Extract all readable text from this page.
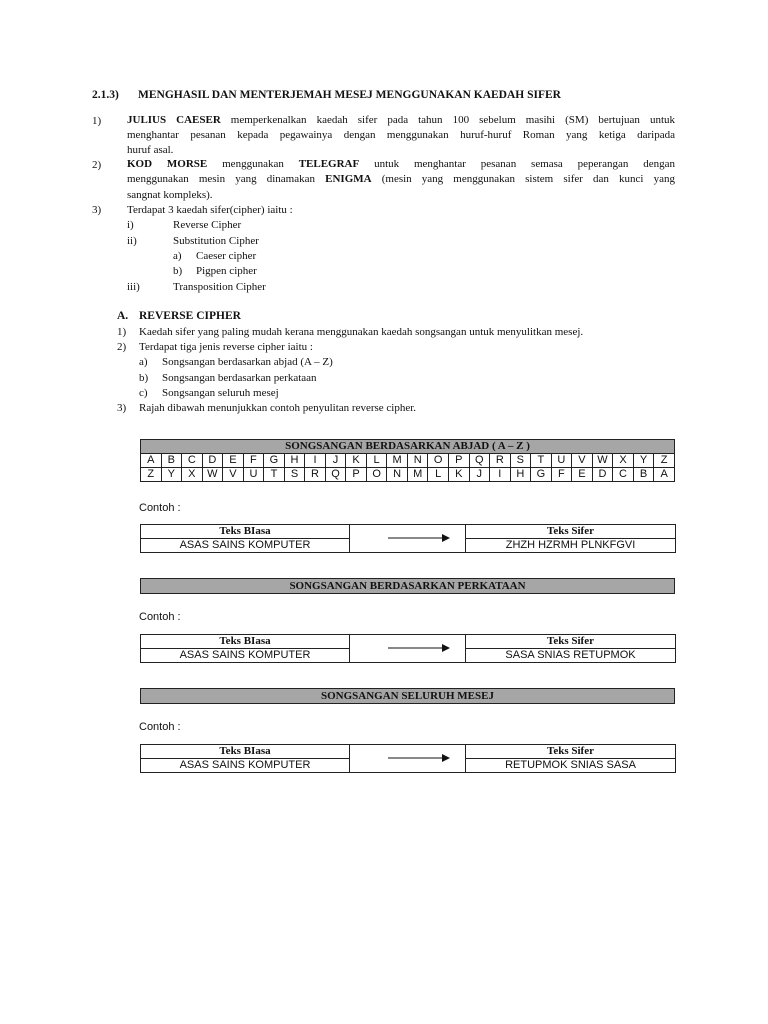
2.1.3) MENGHASIL DAN MENTERJEMAH MESEJ MENGGUNAKAN KAEDAH SIFER
1) JULIUS CAESER memperkenalkan kaedah sifer pada tahun 100 sebelum masihi (SM) bertujuan untuk
menghantar pesanan kepada pegawainya dengan menggunakan huruf-huruf Roman yang ketiga daripada
huruf asal.
2) KOD MORSE menggunakan TELEGRAF untuk menghantar pesanan semasa peperangan dengan
menggunakan mesin yang dinamakan ENIGMA (mesin yang menggunakan sistem sifer dan kunci yang
sangnat kompleks).
3) Terdapat 3 kaedah sifer(cipher) iaitu :
i)	Reverse Cipher
ii)	Substitution Cipher
a) Caeser cipher
b) Pigpen cipher
iii)	Transposition Cipher
A. REVERSE CIPHER
1) Kaedah sifer yang paling mudah kerana menggunakan kaedah songsangan untuk menyulitkan mesej.
2) Terdapat tiga jenis reverse cipher iaitu :
a) Songsangan berdasarkan abjad (A – Z)
b) Songsangan berdasarkan perkataan
c) Songsangan seluruh mesej
3) Rajah dibawah menunjukkan contoh penyulitan reverse cipher.
SONGSANGAN BERDASARKAN ABJAD ( A – Z )																									
A	B	C	D	E	F	G	H	I	J	K	L	M	N	O	P	Q	R	S	T	U	V	W	X	Y	Z
Z	Y	X	W	V	U	T	S	R	Q	P	O	N	M	L	K	J	I	H	G	F	E	D	C	B	A
Contoh :
Teks BIasa		Teks Sifer
ASAS SAINS KOMPUTER		ZHZH HZRMH PLNKFGVI
SONGSANGAN BERDASARKAN PERKATAAN
Contoh :
Teks BIasa		Teks Sifer
ASAS SAINS KOMPUTER		SASA SNIAS RETUPMOK
SONGSANGAN SELURUH MESEJ
Contoh :
Teks BIasa		Teks Sifer
ASAS SAINS KOMPUTER		RETUPMOK SNIAS SASA
